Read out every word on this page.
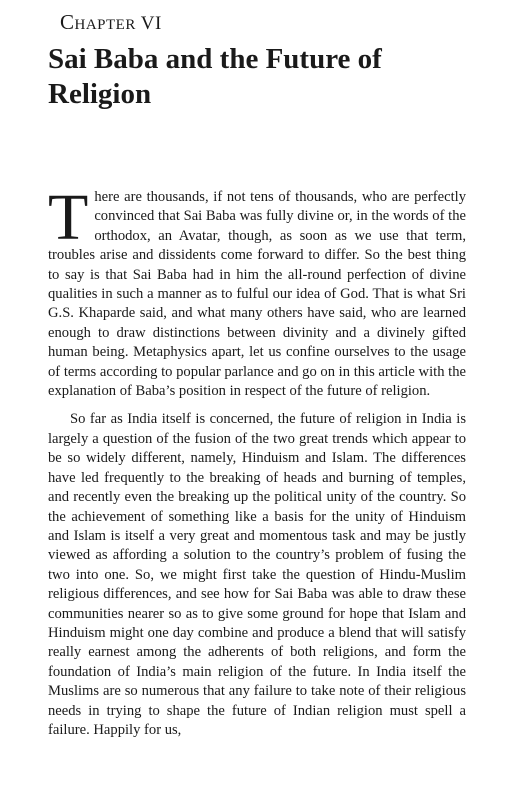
CHAPTER VI
Sai Baba and the Future of Religion

There are thousands, if not tens of thousands, who are perfectly convinced that Sai Baba was fully divine or, in the words of the orthodox, an Avatar, though, as soon as we use that term, troubles arise and dissidents come forward to differ. So the best thing to say is that Sai Baba had in him the all-round perfection of divine qualities in such a manner as to fulful our idea of God. That is what Sri G.S. Khaparde said, and what many others have said, who are learned enough to draw distinctions between divinity and a divinely gifted human being. Metaphysics apart, let us confine ourselves to the usage of terms according to popular parlance and go on in this article with the explanation of Baba’s position in respect of the future of religion.

So far as India itself is concerned, the future of religion in India is largely a question of the fusion of the two great trends which appear to be so widely different, namely, Hinduism and Islam. The differences have led frequently to the breaking of heads and burning of temples, and recently even the breaking up the political unity of the country. So the achievement of something like a basis for the unity of Hinduism and Islam is itself a very great and momentous task and may be justly viewed as affording a solution to the country’s problem of fusing the two into one. So, we might first take the question of Hindu-Muslim religious differences, and see how for Sai Baba was able to draw these communities nearer so as to give some ground for hope that Islam and Hinduism might one day combine and produce a blend that will satisfy really earnest among the adherents of both religions, and form the foundation of India’s main religion of the future. In India itself the Muslims are so numerous that any failure to take note of their religious needs in trying to shape the future of Indian religion must spell a failure. Happily for us,
